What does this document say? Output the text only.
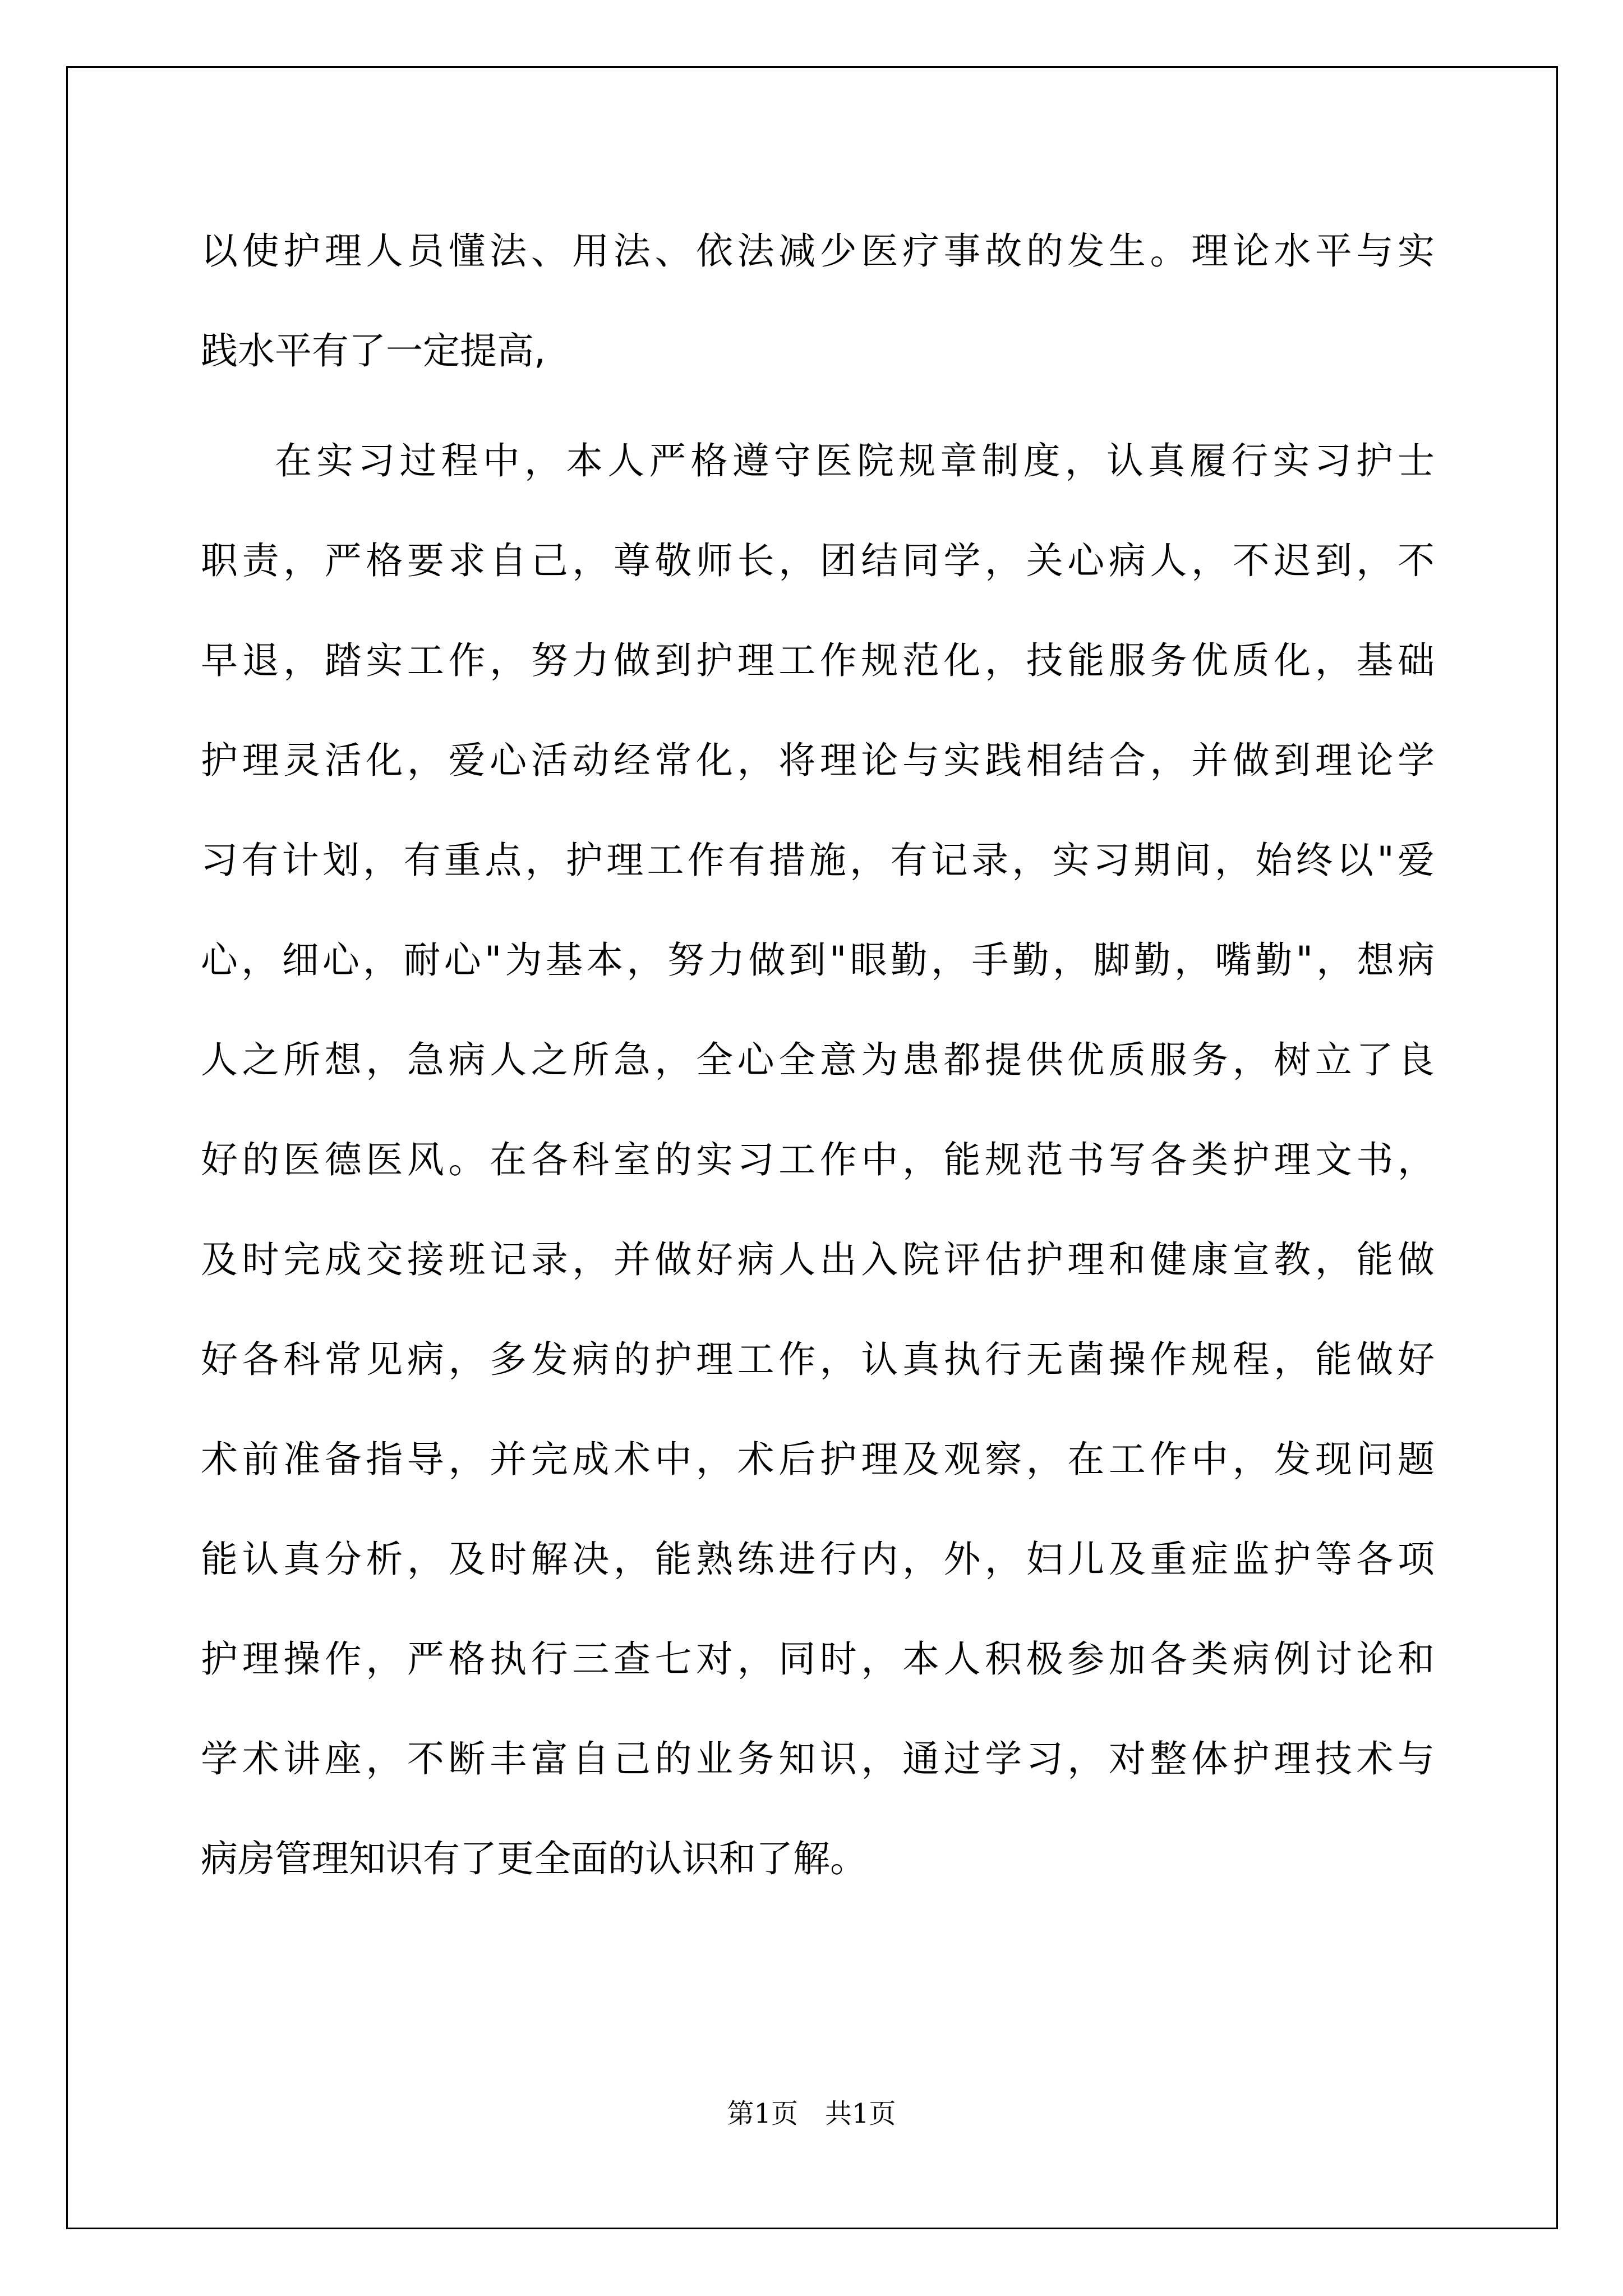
以使护理人员懂法、用法、依法减少医疗事故的发生。理论水平与实

践水平有了一定提高,

在实习过程中，本人严格遵守医院规章制度，认真履行实习护士

职责，严格要求自己，尊敬师长，团结同学，关心病人，不迟到，不

早退，踏实工作，努力做到护理工作规范化，技能服务优质化，基础

护理灵活化，爱心活动经常化，将理论与实践相结合，并做到理论学

习有计划，有重点，护理工作有措施，有记录，实习期间，始终以"爱

心，细心，耐心"为基本，努力做到"眼勤，手勤，脚勤，嘴勤"，想病

人之所想，急病人之所急，全心全意为患都提供优质服务，树立了良

好的医德医风。在各科室的实习工作中，能规范书写各类护理文书，

及时完成交接班记录，并做好病人出入院评估护理和健康宣教，能做

好各科常见病，多发病的护理工作，认真执行无菌操作规程，能做好

术前准备指导，并完成术中，术后护理及观察，在工作中，发现问题

能认真分析，及时解决，能熟练进行内，外，妇儿及重症监护等各项

护理操作，严格执行三查七对，同时，本人积极参加各类病例讨论和

学术讲座，不断丰富自己的业务知识，通过学习，对整体护理技术与

病房管理知识有了更全面的认识和了解。

第1页　共1页
